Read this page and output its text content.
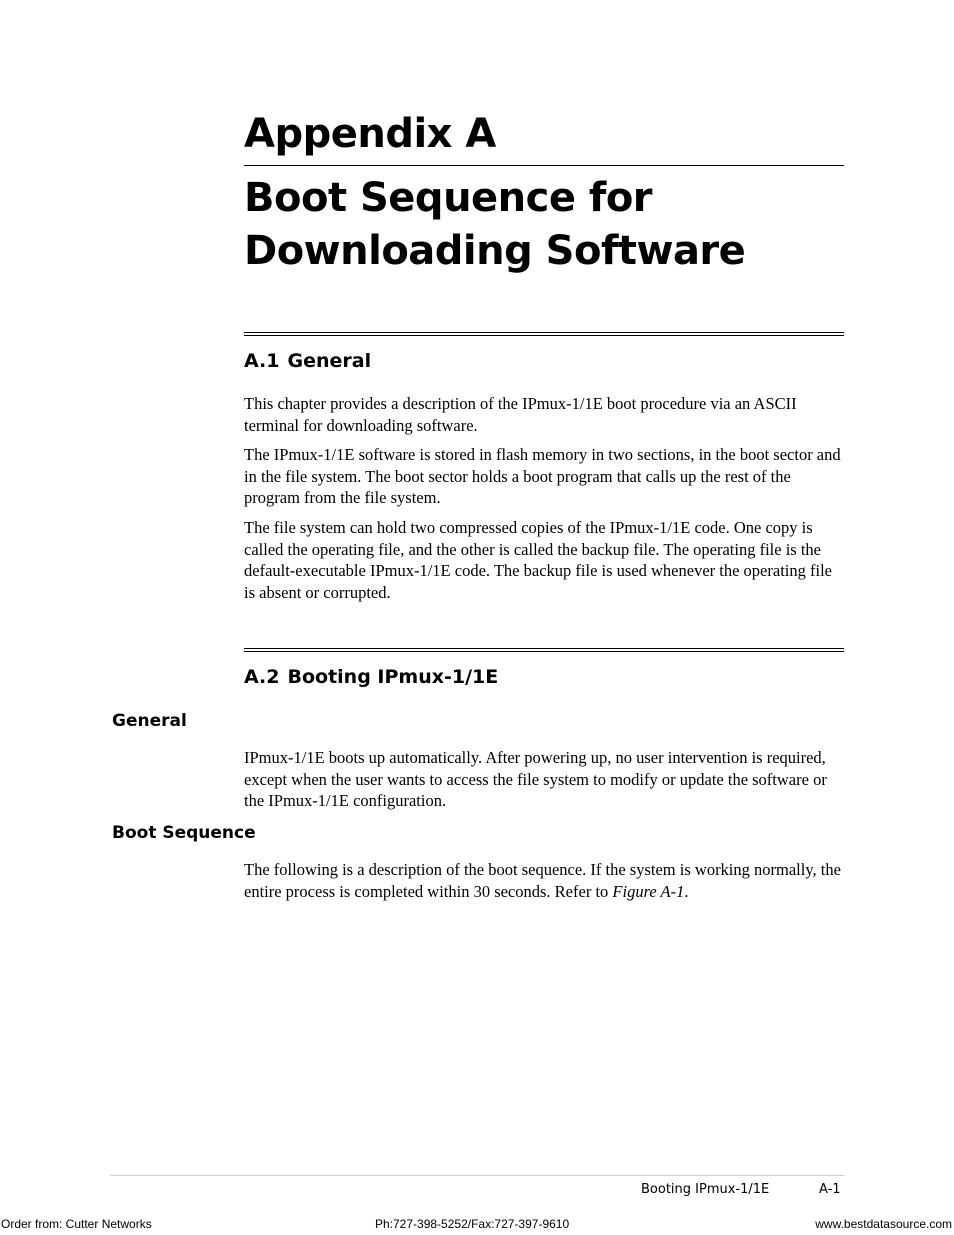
Appendix A
Boot Sequence for
Downloading Software
A.1 General

This chapter provides a description of the IPmux-1/1E boot procedure via an ASCII terminal for downloading software.

The IPmux-1/1E software is stored in flash memory in two sections, in the boot sector and in the file system. The boot sector holds a boot program that calls up the rest of the program from the file system.

The file system can hold two compressed copies of the IPmux-1/1E code. One copy is called the operating file, and the other is called the backup file. The operating file is the default-executable IPmux-1/1E code. The backup file is used whenever the operating file is absent or corrupted.

A.2 Booting IPmux-1/1E
General

IPmux-1/1E boots up automatically. After powering up, no user intervention is required, except when the user wants to access the file system to modify or update the software or the IPmux-1/1E configuration.

Boot Sequence

The following is a description of the boot sequence. If the system is working normally, the entire process is completed within 30 seconds. Refer to Figure A-1.

Booting IPmux-1/1E	A-1
Order from: Cutter Networks	Ph:727-398-5252/Fax:727-397-9610	www.bestdatasource.com
